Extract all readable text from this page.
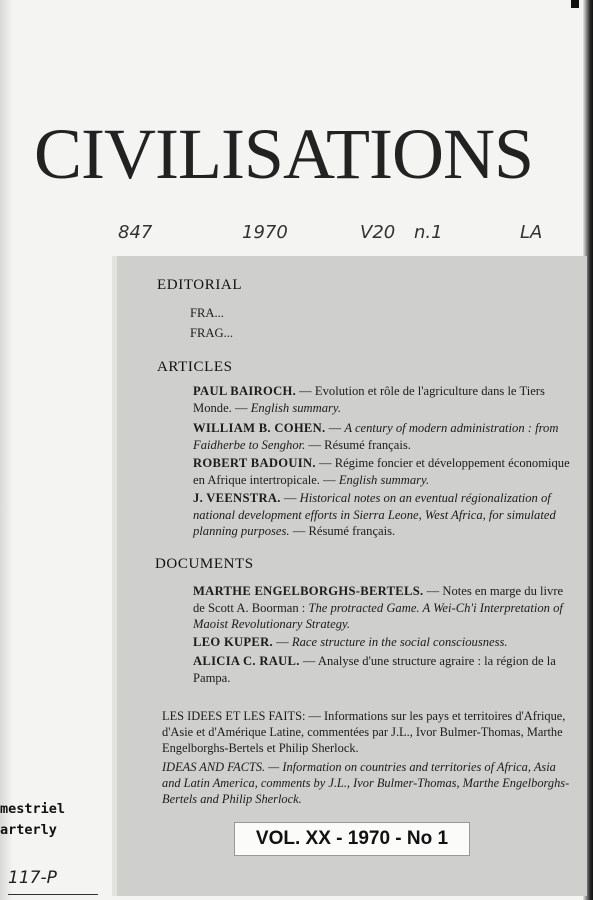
CIVILISATIONS
847	1970	V20 n.1	LA
EDITORIAL
FRA...
FRAG...
ARTICLES
PAUL BAIROCH. — Evolution et rôle de l'agriculture dans le Tiers Monde. — English summary.
WILLIAM B. COHEN. — A century of modern administration : from Faidherbe to Senghor. — Résumé français.
ROBERT BADOUIN. — Régime foncier et développement économique en Afrique intertropicale. — English summary.
J. VEENSTRA. — Historical notes on an eventual régionalization of national development efforts in Sierra Leone, West Africa, for simulated planning purposes. — Résumé français.
DOCUMENTS
MARTHE ENGELBORGHS-BERTELS. — Notes en marge du livre de Scott A. Boorman : The protracted Game. A Wei-Ch'i Interpretation of Maoist Revolutionary Strategy.
LEO KUPER. — Race structure in the social consciousness.
ALICIA C. RAUL. — Analyse d'une structure agraire : la région de la Pampa.
LES IDEES ET LES FAITS: — Informations sur les pays et territoires d'Afrique, d'Asie et d'Amérique Latine, commentées par J.L., Ivor Bulmer-Thomas, Marthe Engelborghs-Bertels et Philip Sherlock.
IDEAS AND FACTS. — Information on countries and territories of Africa, Asia and Latin America, comments by J.L., Ivor Bulmer-Thomas, Marthe Engelborghs-Bertels and Philip Sherlock.
mestriel
arterly
117-P
VOL. XX - 1970 - No 1
